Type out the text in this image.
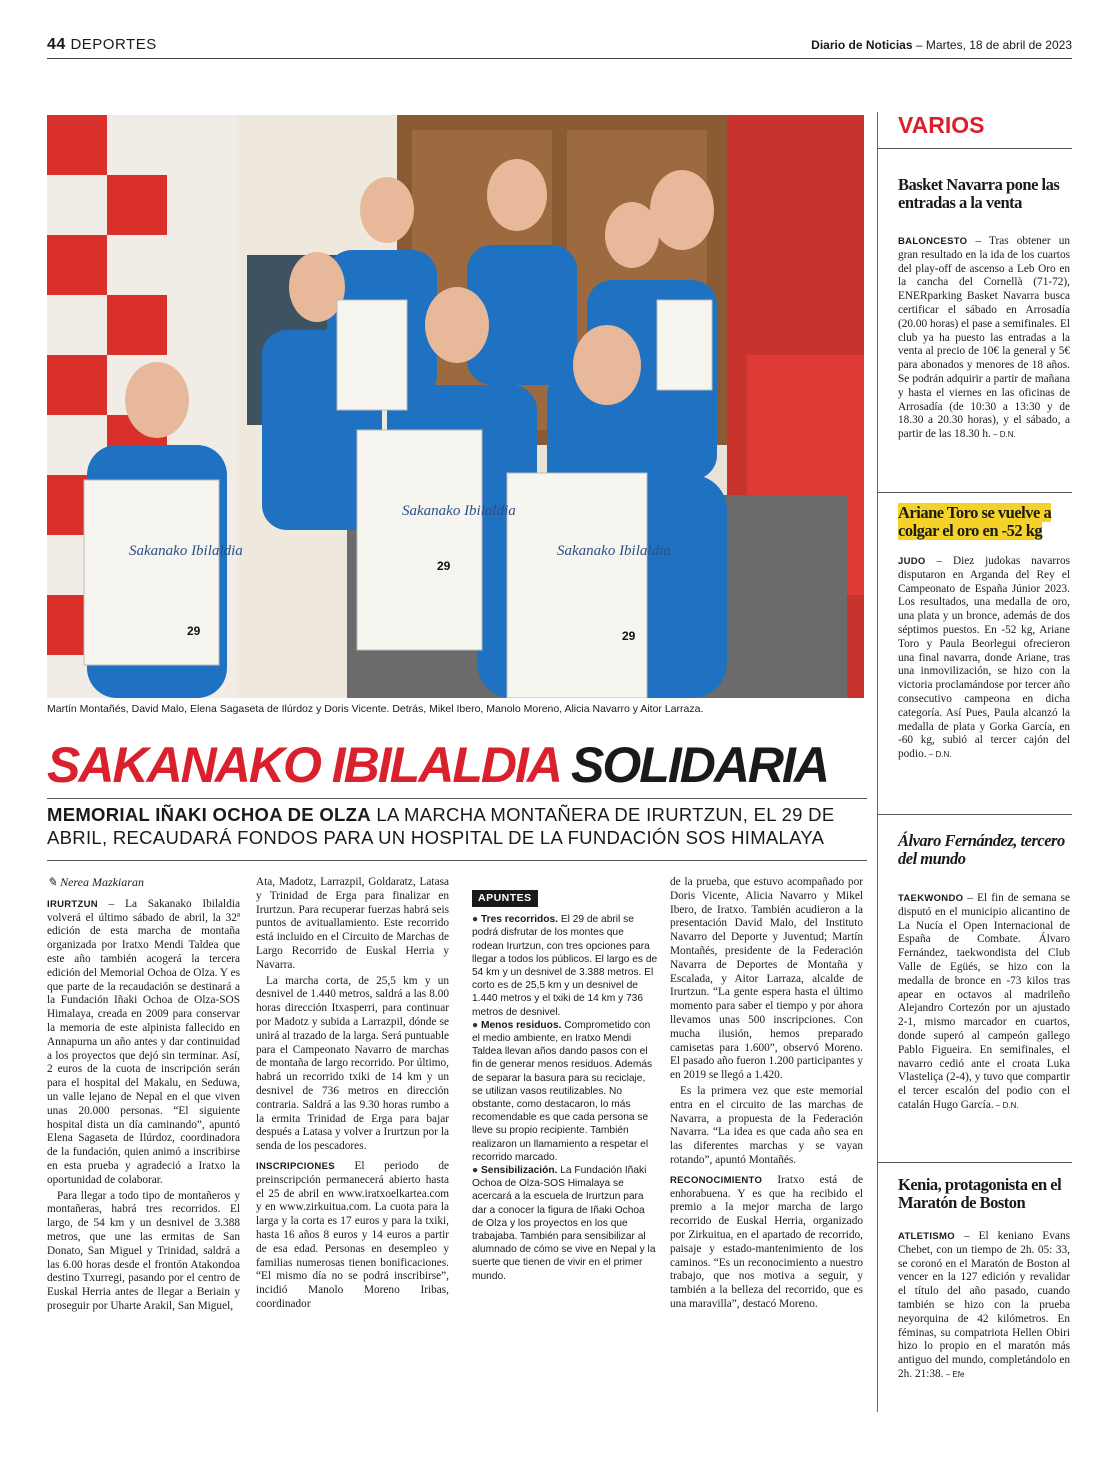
44 DEPORTES	Diario de Noticias – Martes, 18 de abril de 2023
Sakanako Ibilaldia
Sakanako Ibilaldia
Sakanako Ibilaldia
29
29
29
Martín Montañés, David Malo, Elena Sagaseta de Ilúrdoz y Doris Vicente. Detrás, Mikel Ibero, Manolo Moreno, Alicia Navarro y Aitor Larraza.
SAKANAKO IBILALDIA SOLIDARIA
MEMORIAL IÑAKI OCHOA DE OLZA LA MARCHA MONTAÑERA DE IRURTZUN, EL 29 DE ABRIL, RECAUDARÁ FONDOS PARA UN HOSPITAL DE LA FUNDACIÓN SOS HIMALAYA
✎ Nerea Mazkiaran

IRURTZUN – La Sakanako Ibilaldia volverá el último sábado de abril, la 32ª edición de esta marcha de montaña organizada por Iratxo Mendi Taldea que este año también acogerá la tercera edición del Memorial Ochoa de Olza. Y es que parte de la recaudación se destinará a la Fundación Iñaki Ochoa de Olza-SOS Himalaya, creada en 2009 para conservar la memoria de este alpinista fallecido en Annapurna un año antes y dar continuidad a los proyectos que dejó sin terminar. Así, 2 euros de la cuota de inscripción serán para el hospital del Makalu, en Seduwa, un valle lejano de Nepal en el que viven unas 20.000 personas. “El siguiente hospital dista un día caminando”, apuntó Elena Sagaseta de Ilúrdoz, coordinadora de la fundación, quien animó a inscribirse en esta prueba y agradeció a Iratxo la oportunidad de colaborar.

Para llegar a todo tipo de montañeros y montañeras, habrá tres recorridos. El largo, de 54 km y un desnivel de 3.388 metros, que une las ermitas de San Donato, San Miguel y Trinidad, saldrá a las 6.00 horas desde el frontón Atakondoa destino Txurregi, pasando por el centro de Euskal Herria antes de llegar a Beriain y proseguir por Uharte Arakil, San Miguel,

Ata, Madotz, Larrazpil, Goldaratz, Latasa y Trinidad de Erga para finalizar en Irurtzun. Para recuperar fuerzas habrá seis puntos de avituallamiento. Este recorrido está incluido en el Circuito de Marchas de Largo Recorrido de Euskal Herria y Navarra.

La marcha corta, de 25,5 km y un desnivel de 1.440 metros, saldrá a las 8.00 horas dirección Itxasperri, para continuar por Madotz y subida a Larrazpil, dónde se unirá al trazado de la larga. Será puntuable para el Campeonato Navarro de marchas de montaña de largo recorrido. Por último, habrá un recorrido txiki de 14 km y un desnivel de 736 metros en dirección contraria. Saldrá a las 9.30 horas rumbo a la ermita Trinidad de Erga para bajar después a Latasa y volver a Irurtzun por la senda de los pescadores.

INSCRIPCIONES El periodo de preinscripción permanecerá abierto hasta el 25 de abril en www.iratxoelkartea.com y en www.zirkuitua.com. La cuota para la larga y la corta es 17 euros y para la txiki, hasta 16 años 8 euros y 14 euros a partir de esa edad. Personas en desempleo y familias numerosas tienen bonificaciones. “El mismo día no se podrá inscribirse”, incidió Manolo Moreno Iribas, coordinador

APUNTES

● Tres recorridos. El 29 de abril se podrá disfrutar de los montes que rodean Irurtzun, con tres opciones para llegar a todos los públicos. El largo es de 54 km y un desnivel de 3.388 metros. El corto es de 25,5 km y un desnivel de 1.440 metros y el txiki de 14 km y 736 metros de desnivel.

● Menos residuos. Comprometido con el medio ambiente, en Iratxo Mendi Taldea llevan años dando pasos con el fin de generar menos residuos. Además de separar la basura para su reciclaje, se utilizan vasos reutilizables. No obstante, como destacaron, lo más recomendable es que cada persona se lleve su propio recipiente. También realizaron un llamamiento a respetar el recorrido marcado.

● Sensibilización. La Fundación Iñaki Ochoa de Olza-SOS Himalaya se acercará a la escuela de Irurtzun para dar a conocer la figura de Iñaki Ochoa de Olza y los proyectos en los que trabajaba. También para sensibilizar al alumnado de cómo se vive en Nepal y la suerte que tienen de vivir en el primer mundo.

de la prueba, que estuvo acompañado por Doris Vicente, Alicia Navarro y Mikel Ibero, de Iratxo. También acudieron a la presentación David Malo, del Instituto Navarro del Deporte y Juventud; Martín Montañés, presidente de la Federación Navarra de Deportes de Montaña y Escalada, y Aitor Larraza, alcalde de Irurtzun. “La gente espera hasta el último momento para saber el tiempo y por ahora llevamos unas 500 inscripciones. Con mucha ilusión, hemos preparado camisetas para 1.600”, observó Moreno. El pasado año fueron 1.200 participantes y en 2019 se llegó a 1.420.

Es la primera vez que este memorial entra en el circuito de las marchas de Navarra, a propuesta de la Federación Navarra. “La idea es que cada año sea en las diferentes marchas y se vayan rotando”, apuntó Montañés.

RECONOCIMIENTO Iratxo está de enhorabuena. Y es que ha recibido el premio a la mejor marcha de largo recorrido de Euskal Herria, organizado por Zirkuitua, en el apartado de recorrido, paisaje y estado-mantenimiento de los caminos. “Es un reconocimiento a nuestro trabajo, que nos motiva a seguir, y también a la belleza del recorrido, que es una maravilla”, destacó Moreno.

VARIOS
Basket Navarra pone las entradas a la venta
BALONCESTO – Tras obtener un gran resultado en la ida de los cuartos del play-off de ascenso a Leb Oro en la cancha del Cornellà (71-72), ENERparking Basket Navarra busca certificar el sábado en Arrosadía (20.00 horas) el pase a semifinales. El club ya ha puesto las entradas a la venta al precio de 10€ la general y 5€ para abonados y menores de 18 años. Se podrán adquirir a partir de mañana y hasta el viernes en las oficinas de Arrosadía (de 10:30 a 13:30 y de 18.30 a 20.30 horas), y el sábado, a partir de las 18.30 h. – D.N.
Ariane Toro se vuelve a colgar el oro en -52 kg
JUDO – Diez judokas navarros disputaron en Arganda del Rey el Campeonato de España Júnior 2023. Los resultados, una medalla de oro, una plata y un bronce, además de dos séptimos puestos. En -52 kg, Ariane Toro y Paula Beorlegui ofrecieron una final navarra, donde Ariane, tras una inmovilización, se hizo con la victoria proclamándose por tercer año consecutivo campeona en dicha categoría. Así Pues, Paula alcanzó la medalla de plata y Gorka García, en -60 kg, subió al tercer cajón del podio. – D.N.
Álvaro Fernández, tercero del mundo
TAEKWONDO – El fin de semana se disputó en el municipio alicantino de La Nucía el Open Internacional de España de Combate. Álvaro Fernández, taekwondista del Club Valle de Egüés, se hizo con la medalla de bronce en -73 kilos tras apear en octavos al madrileño Alejandro Cortezón por un ajustado 2-1, mismo marcador en cuartos, donde superó al campeón gallego Pablo Figueira. En semifinales, el navarro cedió ante el croata Luka Vlasteliça (2-4), y tuvo que compartir el tercer escalón del podio con el catalán Hugo García. – D.N.
Kenia, protagonista en el Maratón de Boston
ATLETISMO – El keniano Evans Chebet, con un tiempo de 2h. 05: 33, se coronó en el Maratón de Boston al vencer en la 127 edición y revalidar el título del año pasado, cuando también se hizo con la prueba neyorquina de 42 kilómetros. En féminas, su compatriota Hellen Obiri hizo lo propio en el maratón más antiguo del mundo, completándolo en 2h. 21:38. – Efe
